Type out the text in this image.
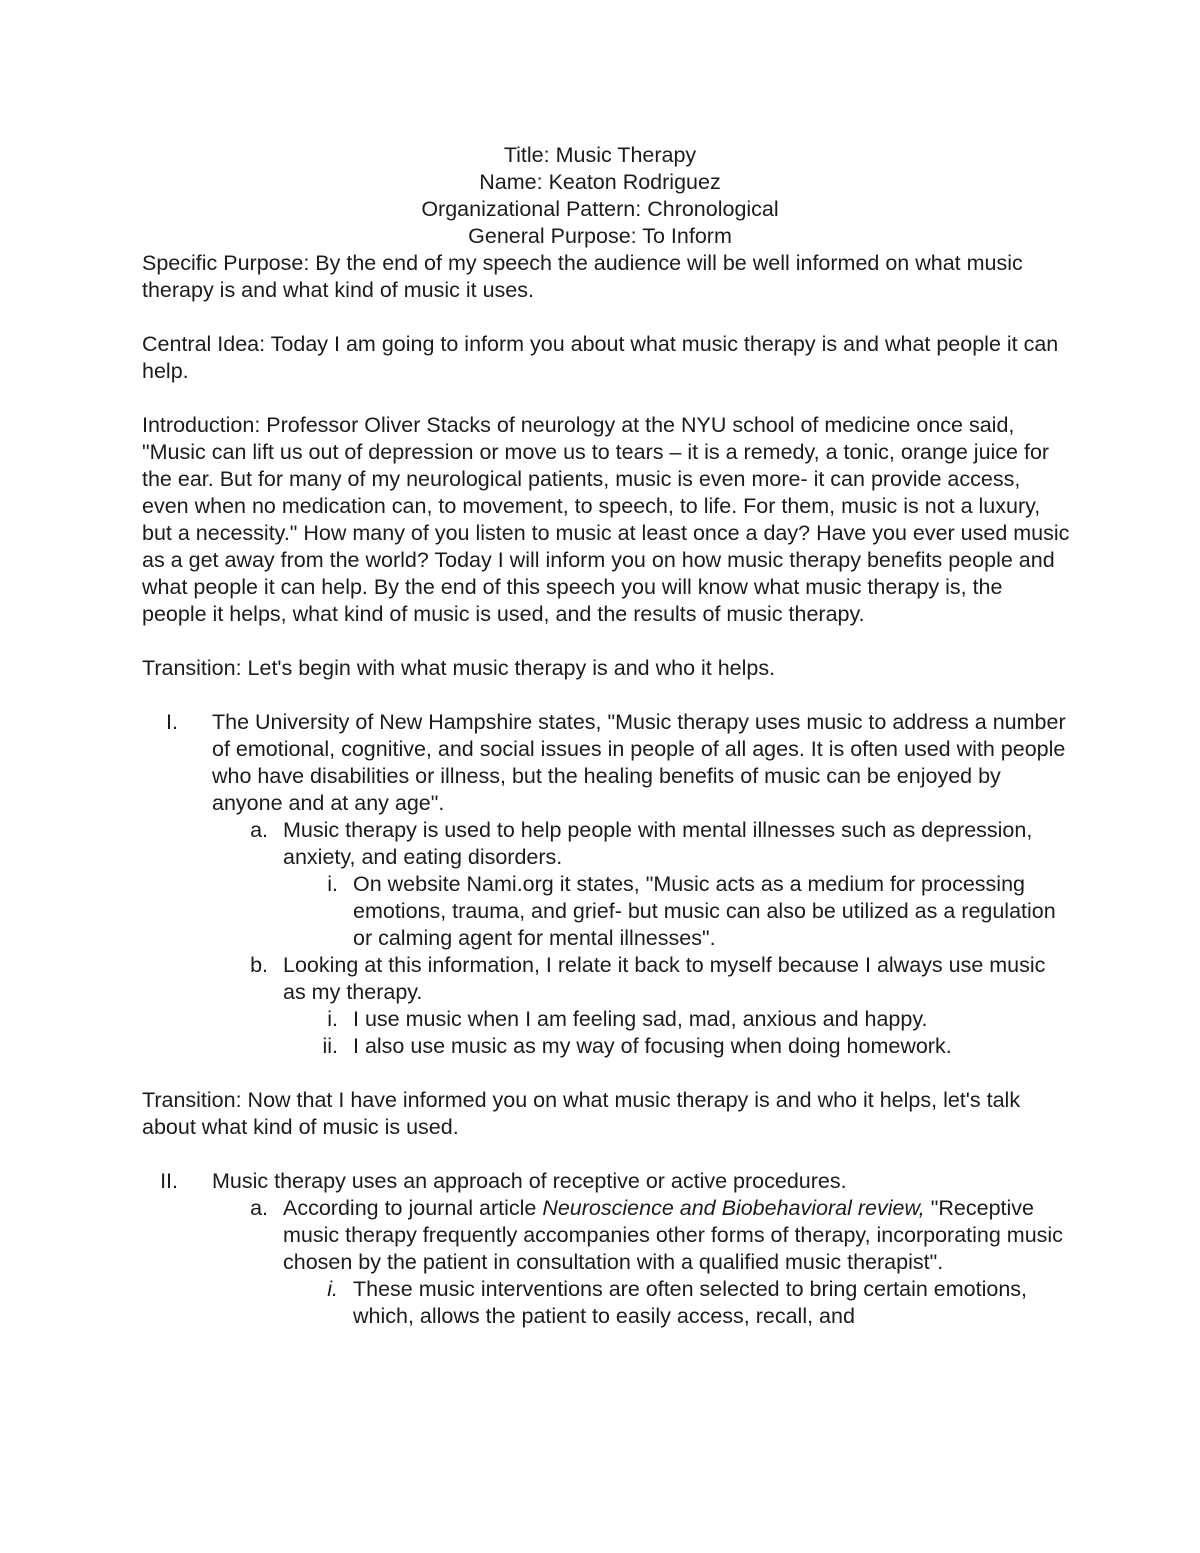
Title: Music Therapy
Name: Keaton Rodriguez
Organizational Pattern: Chronological
General Purpose: To Inform

Specific Purpose: By the end of my speech the audience will be well informed on what music therapy is and what kind of music it uses.

Central Idea: Today I am going to inform you about what music therapy is and what people it can help.

Introduction: Professor Oliver Stacks of neurology at the NYU school of medicine once said, "Music can lift us out of depression or move us to tears – it is a remedy, a tonic, orange juice for the ear. But for many of my neurological patients, music is even more- it can provide access, even when no medication can, to movement, to speech, to life. For them, music is not a luxury, but a necessity." How many of you listen to music at least once a day? Have you ever used music as a get away from the world? Today I will inform you on how music therapy benefits people and what people it can help. By the end of this speech you will know what music therapy is, the people it helps, what kind of music is used, and the results of music therapy.

Transition: Let's begin with what music therapy is and who it helps.

I. The University of New Hampshire states, "Music therapy uses music to address a number of emotional, cognitive, and social issues in people of all ages. It is often used with people who have disabilities or illness, but the healing benefits of music can be enjoyed by anyone and at any age".
a. Music therapy is used to help people with mental illnesses such as depression, anxiety, and eating disorders.
i. On website Nami.org it states, "Music acts as a medium for processing emotions, trauma, and grief- but music can also be utilized as a regulation or calming agent for mental illnesses".
b. Looking at this information, I relate it back to myself because I always use music as my therapy.
i. I use music when I am feeling sad, mad, anxious and happy.
ii. I also use music as my way of focusing when doing homework.

Transition: Now that I have informed you on what music therapy is and who it helps, let's talk about what kind of music is used.

II. Music therapy uses an approach of receptive or active procedures.
a. According to journal article Neuroscience and Biobehavioral review, "Receptive music therapy frequently accompanies other forms of therapy, incorporating music chosen by the patient in consultation with a qualified music therapist".
i. These music interventions are often selected to bring certain emotions, which, allows the patient to easily access, recall, and
